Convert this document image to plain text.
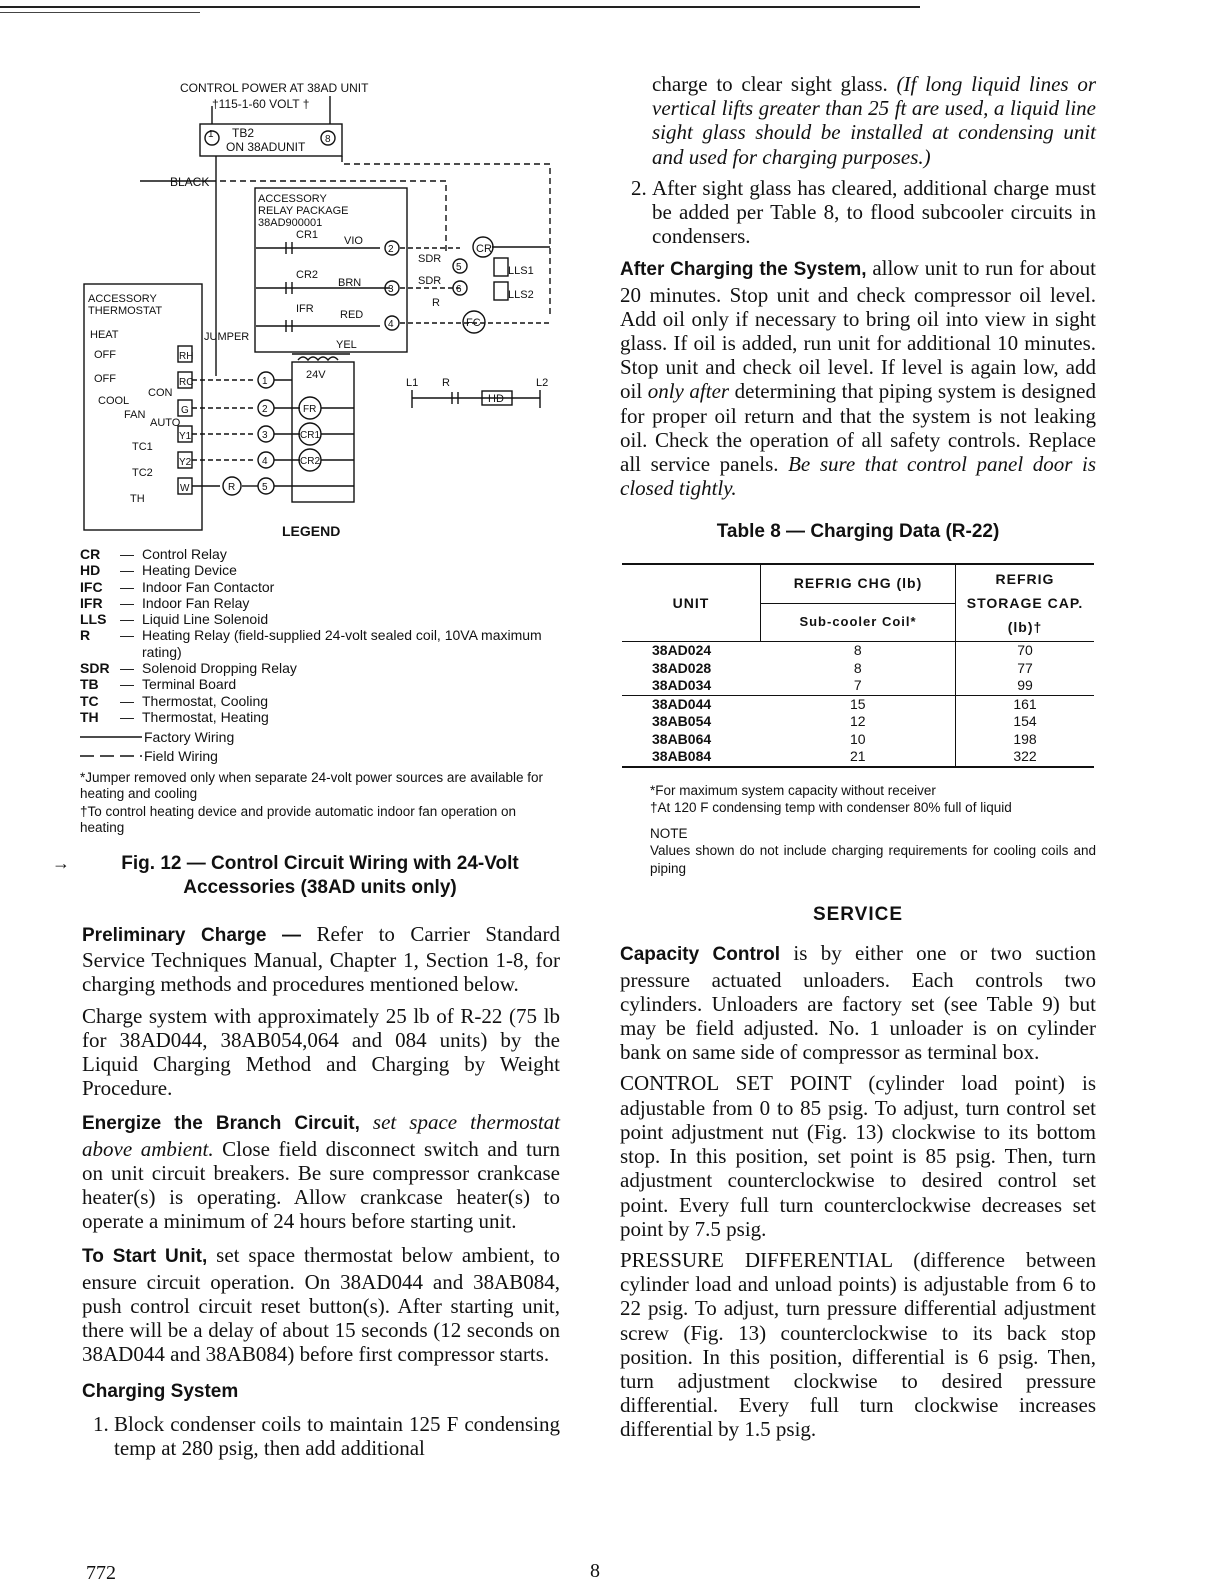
CONTROL POWER AT 38AD UNIT
†115-1-60 VOLT †
TB2
ON 38ADUNIT
1	8
BLACK
ACCESSORY
RELAY PACKAGE
38AD900001
CR1 VIO
CR2
BRN
IFR RED
YEL
24V
SDR
SDR
LLS1
LLS2
CR
FC
R
ACCESSORY
THERMOSTAT
HEAT
OFF
OFF
COOL
CON
FAN
AUTO
JUMPER
TC1
TC2
TH
RH
RC
G
Y1
Y2
W
1
2
3
4
5
2
3
4
5
6
FR
CR1
CR2
R
L1 R	L2
HD
LEGEND
CR	— Control Relay
HD	— Heating Device
IFC	— Indoor Fan Contactor
IFR	— Indoor Fan Relay
LLS — Liquid Line Solenoid
R	— Heating Relay (field-supplied 24-volt sealed coil, 10VA maximum rating)
SDR — Solenoid Dropping Relay
TB	— Terminal Board
TC	— Thermostat, Cooling
TH	— Thermostat, Heating
Factory Wiring
Field Wiring
*Jumper removed only when separate 24-volt power sources are available for heating and cooling
†To control heating device and provide automatic indoor fan operation on heating
→	Fig. 12 — Control Circuit Wiring with 24-Volt
Accessories (38AD units only)

Preliminary Charge — Refer to Carrier Standard Service Techniques Manual, Chapter 1, Section 1-8, for charging methods and procedures mentioned below.

Charge system with approximately 25 lb of R-22 (75 lb for 38AD044, 38AB054,064 and 084 units) by the Liquid Charging Method and Charging by Weight Procedure.

Energize the Branch Circuit, set space thermostat above ambient. Close field disconnect switch and turn on unit circuit breakers. Be sure compressor crankcase heater(s) is operating. Allow crankcase heater(s) to operate a minimum of 24 hours before starting unit.

To Start Unit, set space thermostat below ambient, to ensure circuit operation. On 38AD044 and 38AB084, push control circuit reset button(s). After starting unit, there will be a delay of about 15 seconds (12 seconds on 38AD044 and 38AB084) before first compressor starts.

Charging System

1. Block condenser coils to maintain 125 F condensing temp at 280 psig, then add additional

charge to clear sight glass. (If long liquid lines or vertical lifts greater than 25 ft are used, a liquid line sight glass should be installed at condensing unit and used for charging purposes.)

2. After sight glass has cleared, additional charge must be added per Table 8, to flood subcooler circuits in condensers.

After Charging the System, allow unit to run for about 20 minutes. Stop unit and check compressor oil level. Add oil only if necessary to bring oil into view in sight glass. If oil is added, run unit for additional 10 minutes. Stop unit and check oil level. If level is again low, add oil only after determining that piping system is designed for proper oil return and that the system is not leaking oil. Check the operation of all safety controls. Replace all service panels. Be sure that control panel door is closed tightly.

Table 8 — Charging Data (R-22)
UNIT	REFRIG CHG (lb)	REFRIG STORAGE CAP. (lb)†
	Sub-cooler Coil*	
38AD024	8	70
38AD028	8	77
38AD034	7	99
38AD044	15	161
38AB054	12	154
38AB064	10	198
38AB084	21	322
*For maximum system capacity without receiver
†At 120 F condensing temp with condenser 80% full of liquid
NOTE
Values shown do not include charging requirements for cooling coils and piping
SERVICE

Capacity Control is by either one or two suction pressure actuated unloaders. Each controls two cylinders. Unloaders are factory set (see Table 9) but may be field adjusted. No. 1 unloader is on cylinder bank on same side of compressor as terminal box.

CONTROL SET POINT (cylinder load point) is adjustable from 0 to 85 psig. To adjust, turn control set point adjustment nut (Fig. 13) clockwise to its bottom stop. In this position, set point is 85 psig. Then, turn adjustment counterclockwise to desired control set point. Every full turn counterclockwise decreases set point by 7.5 psig.

PRESSURE DIFFERENTIAL (difference between cylinder load and unload points) is adjustable from 6 to 22 psig. To adjust, turn pressure differential adjustment screw (Fig. 13) counterclockwise to its back stop position. In this position, differential is 6 psig. Then, turn adjustment clockwise to desired pressure differential. Every full turn clockwise increases differential by 1.5 psig.

772	8
